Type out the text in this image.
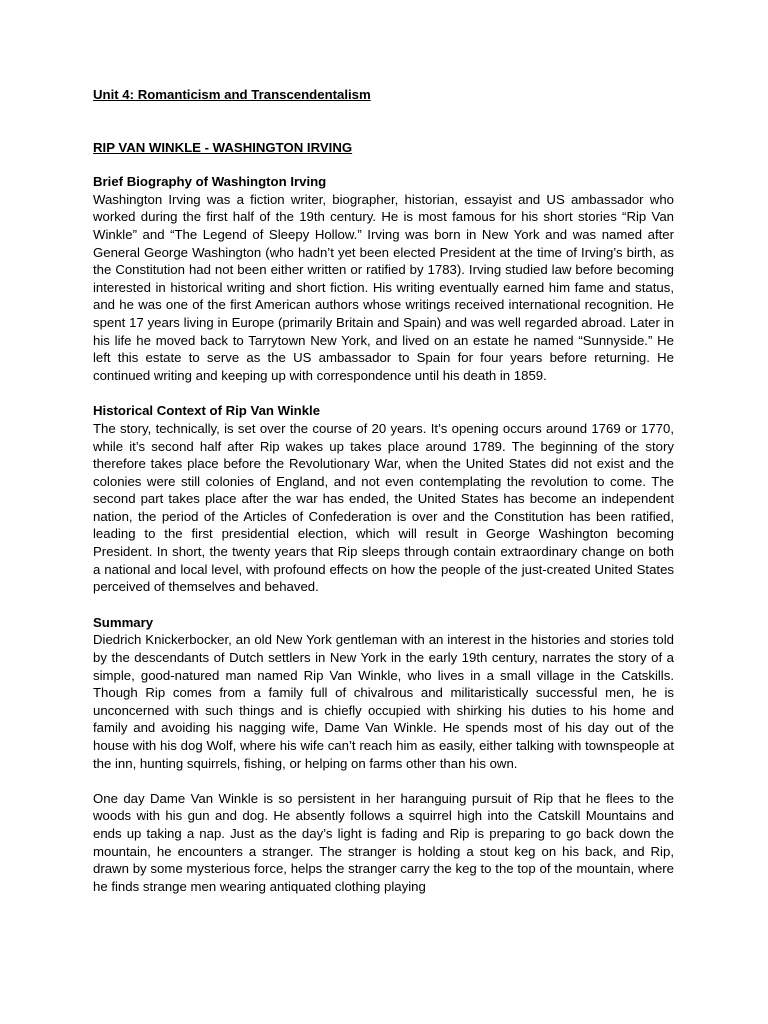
Unit 4: Romanticism and Transcendentalism

RIP VAN WINKLE - WASHINGTON IRVING

Brief Biography of Washington Irving

Washington Irving was a fiction writer, biographer, historian, essayist and US ambassador who worked during the first half of the 19th century. He is most famous for his short stories “Rip Van Winkle” and “The Legend of Sleepy Hollow.” Irving was born in New York and was named after General George Washington (who hadn’t yet been elected President at the time of Irving’s birth, as the Constitution had not been either written or ratified by 1783). Irving studied law before becoming interested in historical writing and short fiction. His writing eventually earned him fame and status, and he was one of the first American authors whose writings received international recognition. He spent 17 years living in Europe (primarily Britain and Spain) and was well regarded abroad. Later in his life he moved back to Tarrytown New York, and lived on an estate he named “Sunnyside.” He left this estate to serve as the US ambassador to Spain for four years before returning. He continued writing and keeping up with correspondence until his death in 1859.

Historical Context of Rip Van Winkle

The story, technically, is set over the course of 20 years. It’s opening occurs around 1769 or 1770, while it’s second half after Rip wakes up takes place around 1789. The beginning of the story therefore takes place before the Revolutionary War, when the United States did not exist and the colonies were still colonies of England, and not even contemplating the revolution to come. The second part takes place after the war has ended, the United States has become an independent nation, the period of the Articles of Confederation is over and the Constitution has been ratified, leading to the first presidential election, which will result in George Washington becoming President. In short, the twenty years that Rip sleeps through contain extraordinary change on both a national and local level, with profound effects on how the people of the just-created United States perceived of themselves and behaved.

Summary

Diedrich Knickerbocker, an old New York gentleman with an interest in the histories and stories told by the descendants of Dutch settlers in New York in the early 19th century, narrates the story of a simple, good-natured man named Rip Van Winkle, who lives in a small village in the Catskills. Though Rip comes from a family full of chivalrous and militaristically successful men, he is unconcerned with such things and is chiefly occupied with shirking his duties to his home and family and avoiding his nagging wife, Dame Van Winkle. He spends most of his day out of the house with his dog Wolf, where his wife can’t reach him as easily, either talking with townspeople at the inn, hunting squirrels, fishing, or helping on farms other than his own.

One day Dame Van Winkle is so persistent in her haranguing pursuit of Rip that he flees to the woods with his gun and dog. He absently follows a squirrel high into the Catskill Mountains and ends up taking a nap. Just as the day’s light is fading and Rip is preparing to go back down the mountain, he encounters a stranger. The stranger is holding a stout keg on his back, and Rip, drawn by some mysterious force, helps the stranger carry the keg to the top of the mountain, where he finds strange men wearing antiquated clothing playing
